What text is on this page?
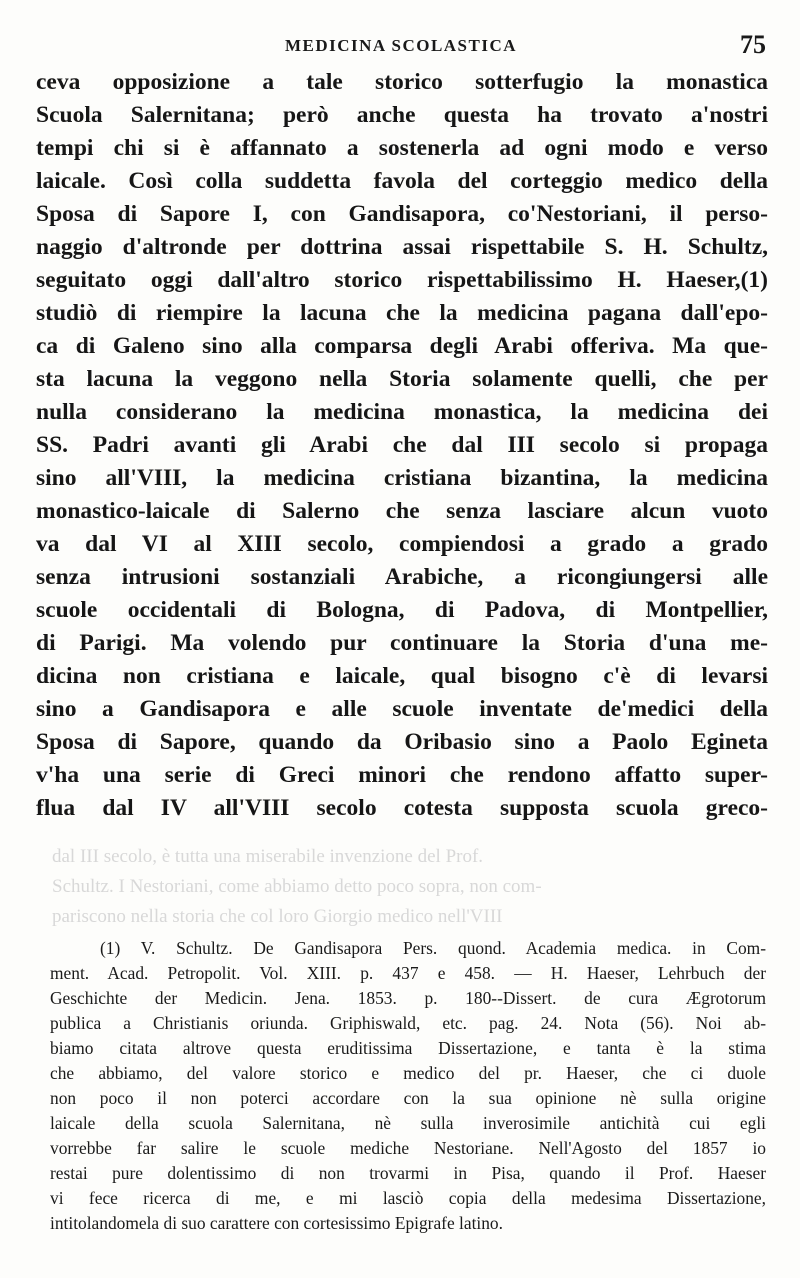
MEDICINA SCOLASTICA	75
ceva opposizione a tale storico sotterfugio la monastica
Scuola Salernitana; però anche questa ha trovato a'nostri
tempi chi si è affannato a sostenerla ad ogni modo e verso
laicale. Così colla suddetta favola del corteggio medico della
Sposa di Sapore I, con Gandisapora, co'Nestoriani, il perso-
naggio d'altronde per dottrina assai rispettabile S. H. Schultz,
seguitato oggi dall'altro storico rispettabilissimo H. Haeser,(1)
studiò di riempire la lacuna che la medicina pagana dall'epo-
ca di Galeno sino alla comparsa degli Arabi offeriva. Ma que-
sta lacuna la veggono nella Storia solamente quelli, che per
nulla considerano la medicina monastica, la medicina dei
SS. Padri avanti gli Arabi che dal III secolo si propaga
sino all'VIII, la medicina cristiana bizantina, la medicina
monastico-laicale di Salerno che senza lasciare alcun vuoto
va dal VI al XIII secolo, compiendosi a grado a grado
senza intrusioni sostanziali Arabiche, a ricongiungersi alle
scuole occidentali di Bologna, di Padova, di Montpellier,
di Parigi. Ma volendo pur continuare la Storia d'una me-
dicina non cristiana e laicale, qual bisogno c'è di levarsi
sino a Gandisapora e alle scuole inventate de'medici della
Sposa di Sapore, quando da Oribasio sino a Paolo Egineta
v'ha una serie di Greci minori che rendono affatto super-
flua dal IV all'VIII secolo cotesta supposta scuola greco-
dal III secolo, è tutta una miserabile invenzione del Prof.
Schultz. I Nestoriani, come abbiamo detto poco sopra, non com-
pariscono nella storia che col loro Giorgio medico nell'VIII
(1) V. Schultz. De Gandisapora Pers. quond. Academia medica. in Com-
ment. Acad. Petropolit. Vol. XIII. p. 437 e 458. — H. Haeser, Lehrbuch der
Geschichte der Medicin. Jena. 1853. p. 180--Dissert. de cura Ægrotorum
publica a Christianis oriunda. Griphiswald, etc. pag. 24. Nota (56). Noi ab-
biamo citata altrove questa eruditissima Dissertazione, e tanta è la stima
che abbiamo, del valore storico e medico del pr. Haeser, che ci duole
non poco il non poterci accordare con la sua opinione nè sulla origine
laicale della scuola Salernitana, nè sulla inverosimile antichità cui egli
vorrebbe far salire le scuole mediche Nestoriane. Nell'Agosto del 1857 io
restai pure dolentissimo di non trovarmi in Pisa, quando il Prof. Haeser
vi fece ricerca di me, e mi lasciò copia della medesima Dissertazione,
intitolandomela di suo carattere con cortesissimo Epigrafe latino.
